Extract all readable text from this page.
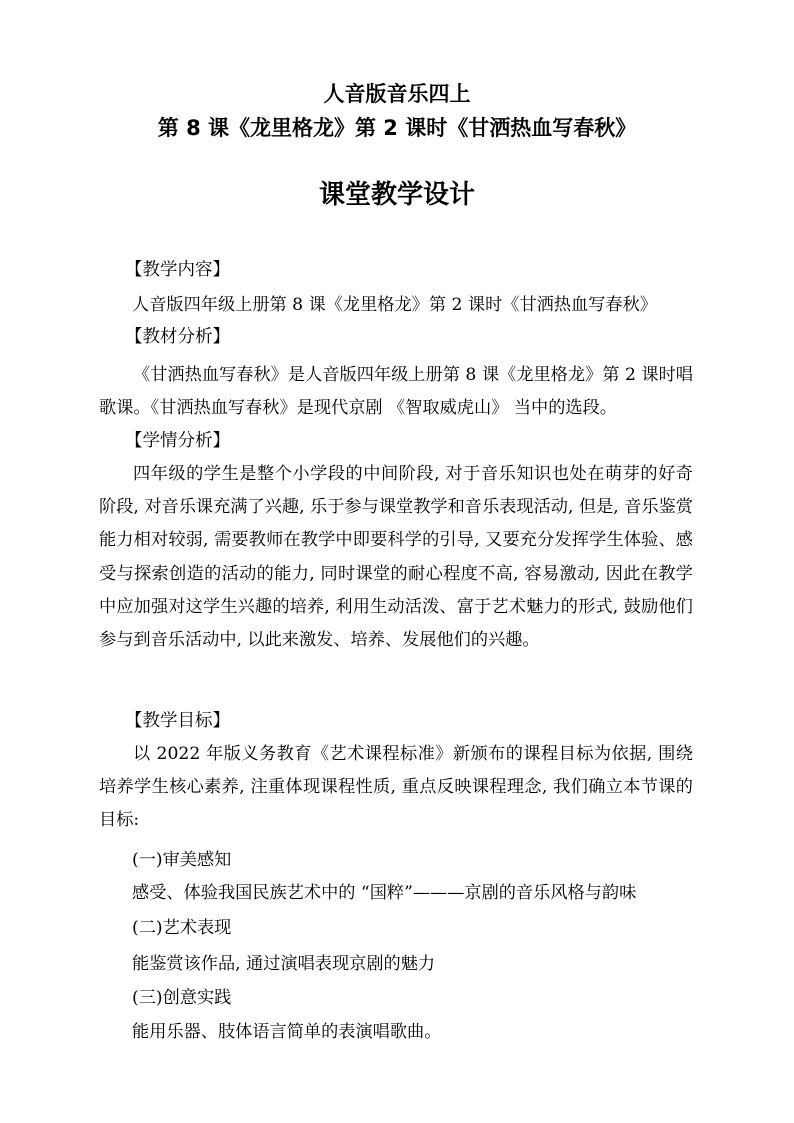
人音版音乐四上
第 8 课《龙里格龙》第 2 课时《甘洒热血写春秋》
课堂教学设计
【教学内容】
人音版四年级上册第 8 课《龙里格龙》第 2 课时《甘洒热血写春秋》
【教材分析】
《甘洒热血写春秋》是人音版四年级上册第 8 课《龙里格龙》第 2 课时唱歌课。《甘洒热血写春秋》是现代京剧 《智取威虎山》 当中的选段。
【学情分析】
四年级的学生是整个小学段的中间阶段, 对于音乐知识也处在萌芽的好奇阶段, 对音乐课充满了兴趣, 乐于参与课堂教学和音乐表现活动, 但是, 音乐鉴赏能力相对较弱, 需要教师在教学中即要科学的引导, 又要充分发挥学生体验、感受与探索创造的活动的能力, 同时课堂的耐心程度不高, 容易激动, 因此在教学中应加强对这学生兴趣的培养, 利用生动活泼、富于艺术魅力的形式, 鼓励他们参与到音乐活动中, 以此来激发、培养、发展他们的兴趣。
【教学目标】
以 2022 年版义务教育《艺术课程标准》新颁布的课程目标为依据, 围绕培养学生核心素养, 注重体现课程性质, 重点反映课程理念, 我们确立本节课的目标:
(一)审美感知
感受、体验我国民族艺术中的 “国粹”———京剧的音乐风格与韵味
(二)艺术表现
能鉴赏该作品, 通过演唱表现京剧的魅力
(三)创意实践
能用乐器、肢体语言简单的表演唱歌曲。
